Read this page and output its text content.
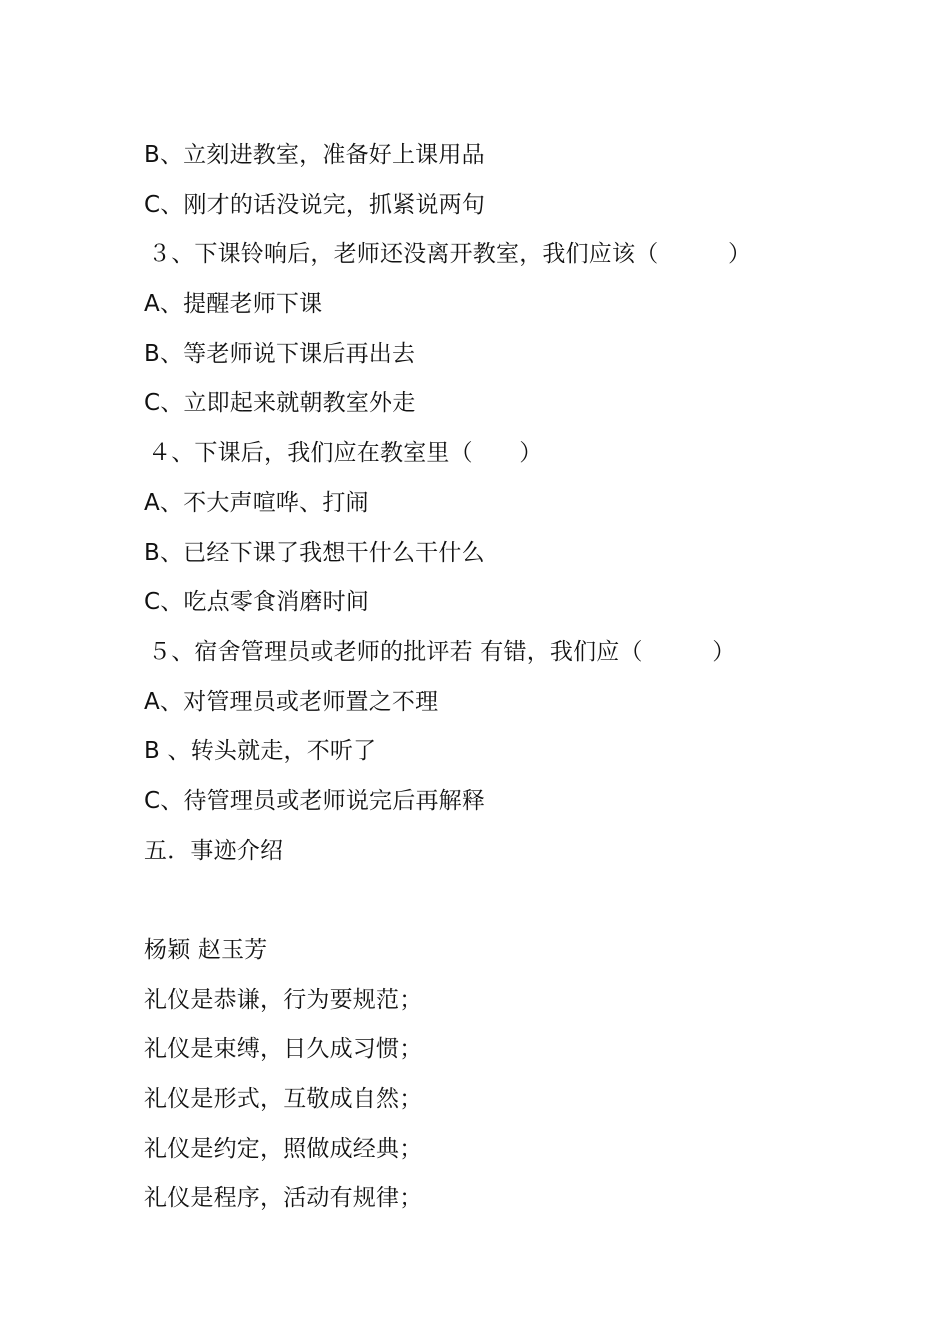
B、立刻进教室，准备好上课用品
C、刚才的话没说完，抓紧说两句
３、下课铃响后，老师还没离开教室，我们应该（　　　）
A、提醒老师下课
B、等老师说下课后再出去
C、立即起来就朝教室外走
４、下课后，我们应在教室里（　　）
A、不大声喧哗、打闹
B、已经下课了我想干什么干什么
C、吃点零食消磨时间
５、宿舍管理员或老师的批评若 有错，我们应（　　　）
A、对管理员或老师置之不理
B 、转头就走，不听了
C、待管理员或老师说完后再解释
五．事迹介绍
杨颖 赵玉芳
礼仪是恭谦，行为要规范；
礼仪是束缚，日久成习惯；
礼仪是形式，互敬成自然；
礼仪是约定，照做成经典；
礼仪是程序，活动有规律；
